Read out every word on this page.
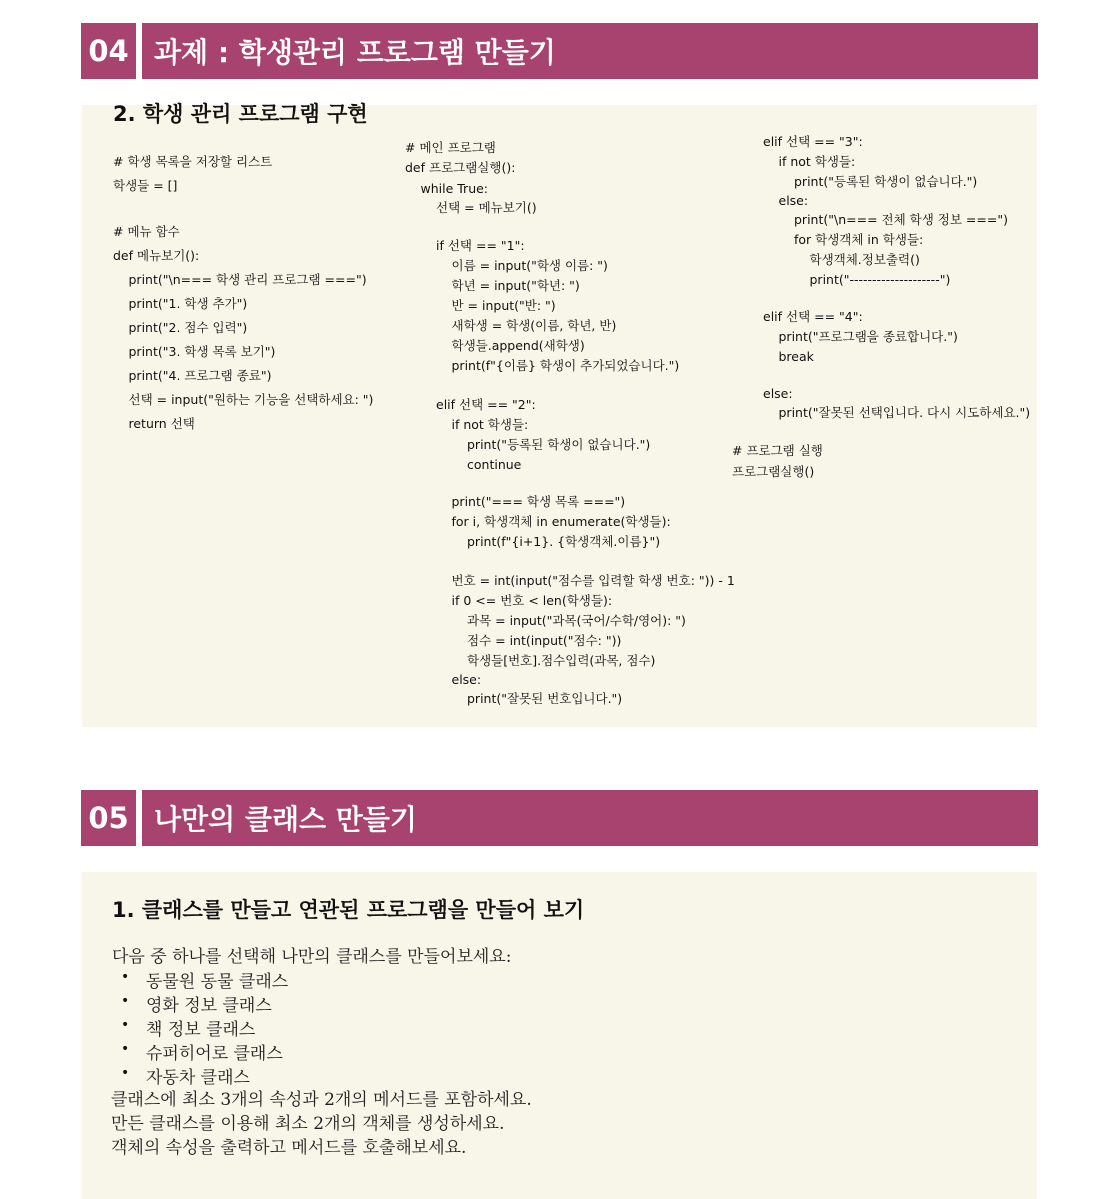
04 과제 : 학생관리 프로그램 만들기
2. 학생 관리 프로그램 구현
# 학생 목록을 저장할 리스트
학생들 = []
# 메뉴 함수
def 메뉴보기():
print("\n=== 학생 관리 프로그램 ===")
print("1. 학생 추가")
print("2. 점수 입력")
print("3. 학생 목록 보기")
print("4. 프로그램 종료")
선택 = input("원하는 기능을 선택하세요: ")
return 선택
# 메인 프로그램
def 프로그램실행():
while True:
선택 = 메뉴보기()
if 선택 == "1":
이름 = input("학생 이름: ")
학년 = input("학년: ")
반 = input("반: ")
새학생 = 학생(이름, 학년, 반)
학생들.append(새학생)
print(f"{이름} 학생이 추가되었습니다.")
elif 선택 == "2":
if not 학생들:
print("등록된 학생이 없습니다.")
continue
print("=== 학생 목록 ===")
for i, 학생객체 in enumerate(학생들):
print(f"{i+1}. {학생객체.이름}")
번호 = int(input("점수를 입력할 학생 번호: ")) - 1
if 0 <= 번호 < len(학생들):
과목 = input("과목(국어/수학/영어): ")
점수 = int(input("점수: "))
학생들[번호].점수입력(과목, 점수)
else:
print("잘못된 번호입니다.")
elif 선택 == "3":
if not 학생들:
print("등록된 학생이 없습니다.")
else:
print("\n=== 전체 학생 정보 ===")
for 학생객체 in 학생들:
학생객체.정보출력()
print("--------------------")
elif 선택 == "4":
print("프로그램을 종료합니다.")
break
else:
print("잘못된 선택입니다. 다시 시도하세요.")
# 프로그램 실행
프로그램실행()
05 나만의 클래스 만들기
1. 클래스를 만들고 연관된 프로그램을 만들어 보기
다음 중 하나를 선택해 나만의 클래스를 만들어보세요:
• 동물원 동물 클래스
• 영화 정보 클래스
• 책 정보 클래스
• 슈퍼히어로 클래스
• 자동차 클래스
클래스에 최소 3개의 속성과 2개의 메서드를 포함하세요.
만든 클래스를 이용해 최소 2개의 객체를 생성하세요.
객체의 속성을 출력하고 메서드를 호출해보세요.
